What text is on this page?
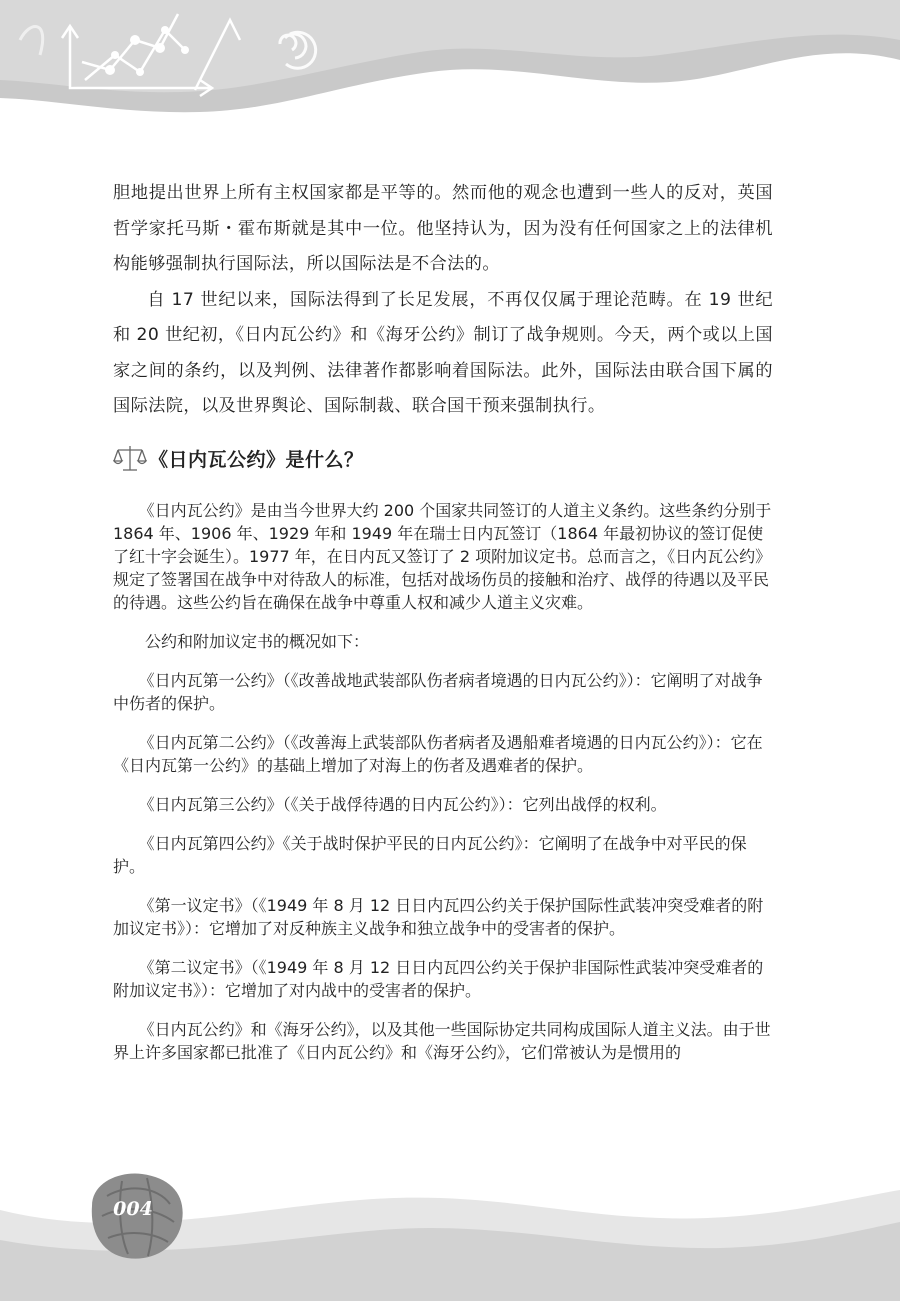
胆地提出世界上所有主权国家都是平等的。然而他的观念也遭到一些人的反对，英国哲学家托马斯・霍布斯就是其中一位。他坚持认为，因为没有任何国家之上的法律机构能够强制执行国际法，所以国际法是不合法的。

自 17 世纪以来，国际法得到了长足发展，不再仅仅属于理论范畴。在 19 世纪和 20 世纪初，《日内瓦公约》和《海牙公约》制订了战争规则。今天，两个或以上国家之间的条约，以及判例、法律著作都影响着国际法。此外，国际法由联合国下属的国际法院，以及世界舆论、国际制裁、联合国干预来强制执行。

《日内瓦公约》是什么？

《日内瓦公约》是由当今世界大约 200 个国家共同签订的人道主义条约。这些条约分别于 1864 年、1906 年、1929 年和 1949 年在瑞士日内瓦签订（1864 年最初协议的签订促使了红十字会诞生）。1977 年，在日内瓦又签订了 2 项附加议定书。总而言之，《日内瓦公约》规定了签署国在战争中对待敌人的标准，包括对战场伤员的接触和治疗、战俘的待遇以及平民的待遇。这些公约旨在确保在战争中尊重人权和减少人道主义灾难。

公约和附加议定书的概况如下：

《日内瓦第一公约》（《改善战地武装部队伤者病者境遇的日内瓦公约》）：它阐明了对战争中伤者的保护。

《日内瓦第二公约》（《改善海上武装部队伤者病者及遇船难者境遇的日内瓦公约》）：它在《日内瓦第一公约》的基础上增加了对海上的伤者及遇难者的保护。

《日内瓦第三公约》（《关于战俘待遇的日内瓦公约》）：它列出战俘的权利。

《日内瓦第四公约》《关于战时保护平民的日内瓦公约》：它阐明了在战争中对平民的保护。

《第一议定书》（《1949 年 8 月 12 日日内瓦四公约关于保护国际性武装冲突受难者的附加议定书》）：它增加了对反种族主义战争和独立战争中的受害者的保护。

《第二议定书》（《1949 年 8 月 12 日日内瓦四公约关于保护非国际性武装冲突受难者的附加议定书》）：它增加了对内战中的受害者的保护。

《日内瓦公约》和《海牙公约》，以及其他一些国际协定共同构成国际人道主义法。由于世界上许多国家都已批准了《日内瓦公约》和《海牙公约》，它们常被认为是惯用的

004
